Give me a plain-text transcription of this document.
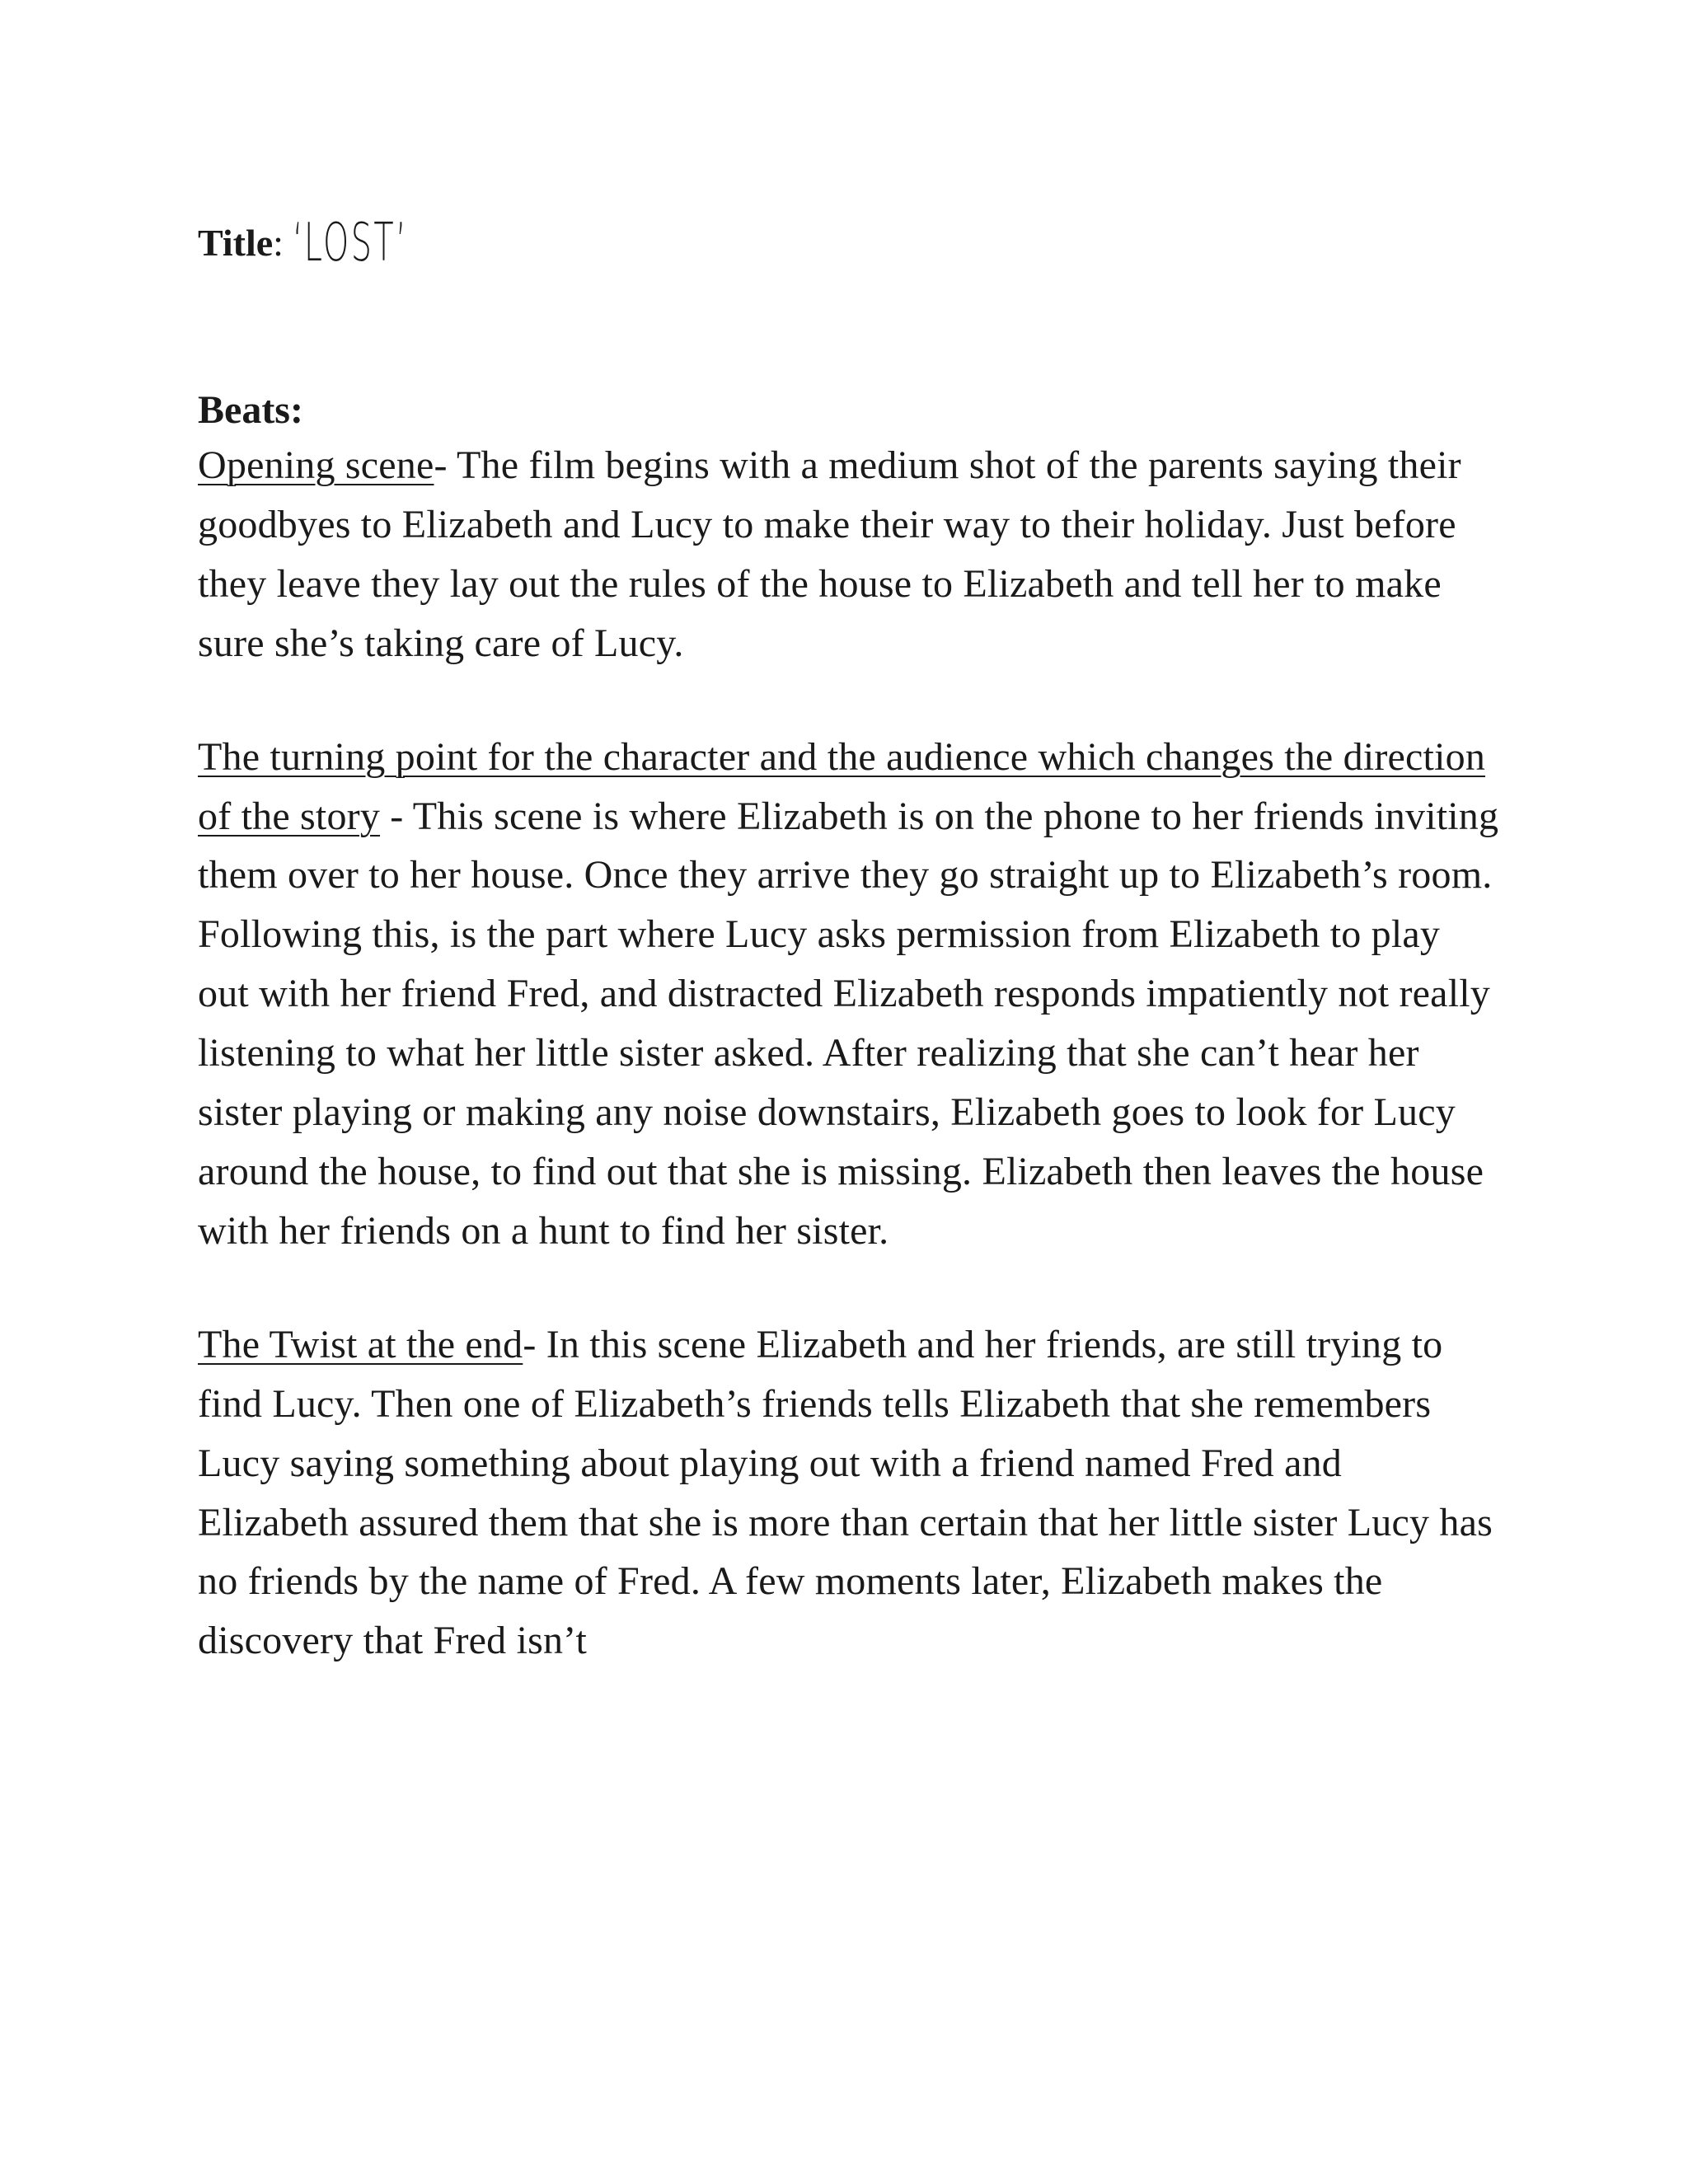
Title: ‘LOST’

Beats:

Opening scene- The film begins with a medium shot of the parents saying their goodbyes to Elizabeth and Lucy to make their way to their holiday. Just before they leave they lay out the rules of the house to Elizabeth and tell her to make sure she’s taking care of Lucy.

The turning point for the character and the audience which changes the direction of the story - This scene is where Elizabeth is on the phone to her friends inviting them over to her house. Once they arrive they go straight up to Elizabeth’s room. Following this, is the part where Lucy asks permission from Elizabeth to play out with her friend Fred, and distracted Elizabeth responds impatiently not really listening to what her little sister asked. After realizing that she can’t hear her sister playing or making any noise downstairs, Elizabeth goes to look for Lucy around the house, to find out that she is missing. Elizabeth then leaves the house with her friends on a hunt to find her sister.

The Twist at the end- In this scene Elizabeth and her friends, are still trying to find Lucy. Then one of Elizabeth’s friends tells Elizabeth that she remembers Lucy saying something about playing out with a friend named Fred and Elizabeth assured them that she is more than certain that her little sister Lucy has no friends by the name of Fred. A few moments later, Elizabeth makes the discovery that Fred isn’t
